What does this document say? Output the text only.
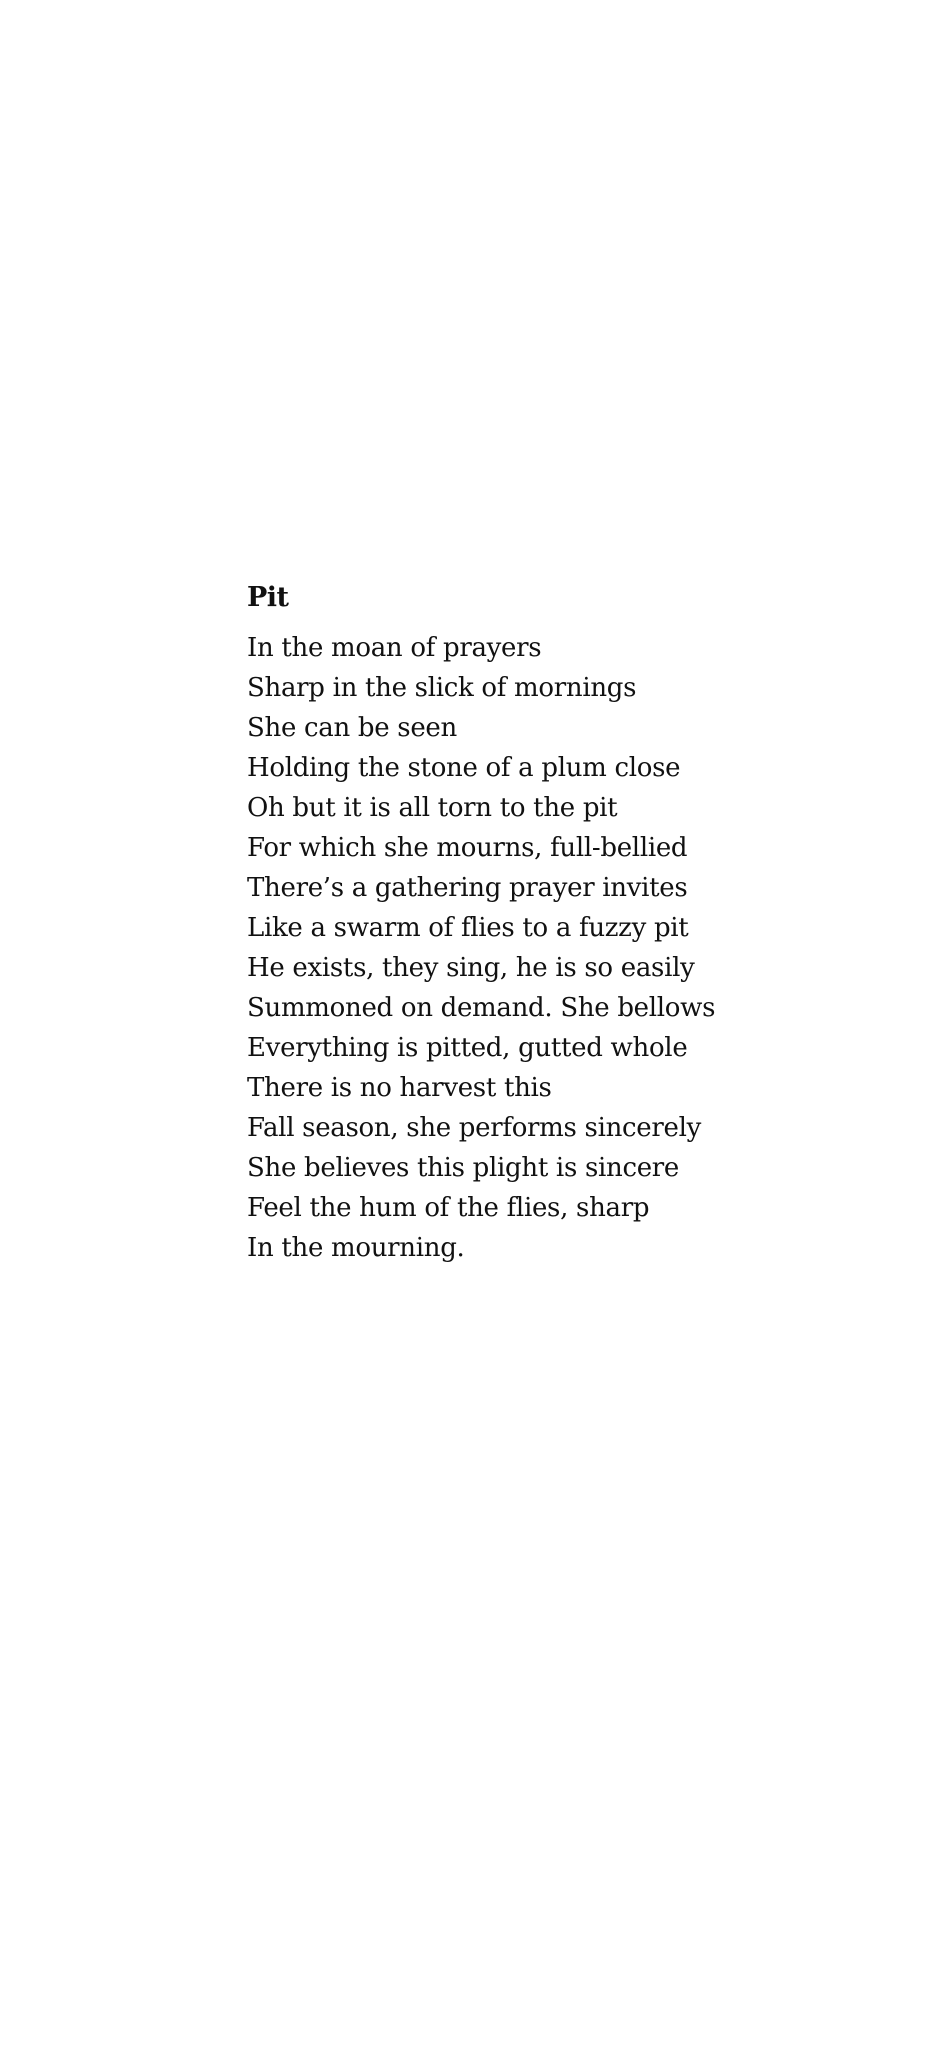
Pit
In the moan of prayers
Sharp in the slick of mornings
She can be seen
Holding the stone of a plum close
Oh but it is all torn to the pit
For which she mourns, full-bellied
There’s a gathering prayer invites
Like a swarm of flies to a fuzzy pit
He exists, they sing, he is so easily
Summoned on demand. She bellows
Everything is pitted, gutted whole
There is no harvest this
Fall season, she performs sincerely
She believes this plight is sincere
Feel the hum of the flies, sharp
In the mourning.
